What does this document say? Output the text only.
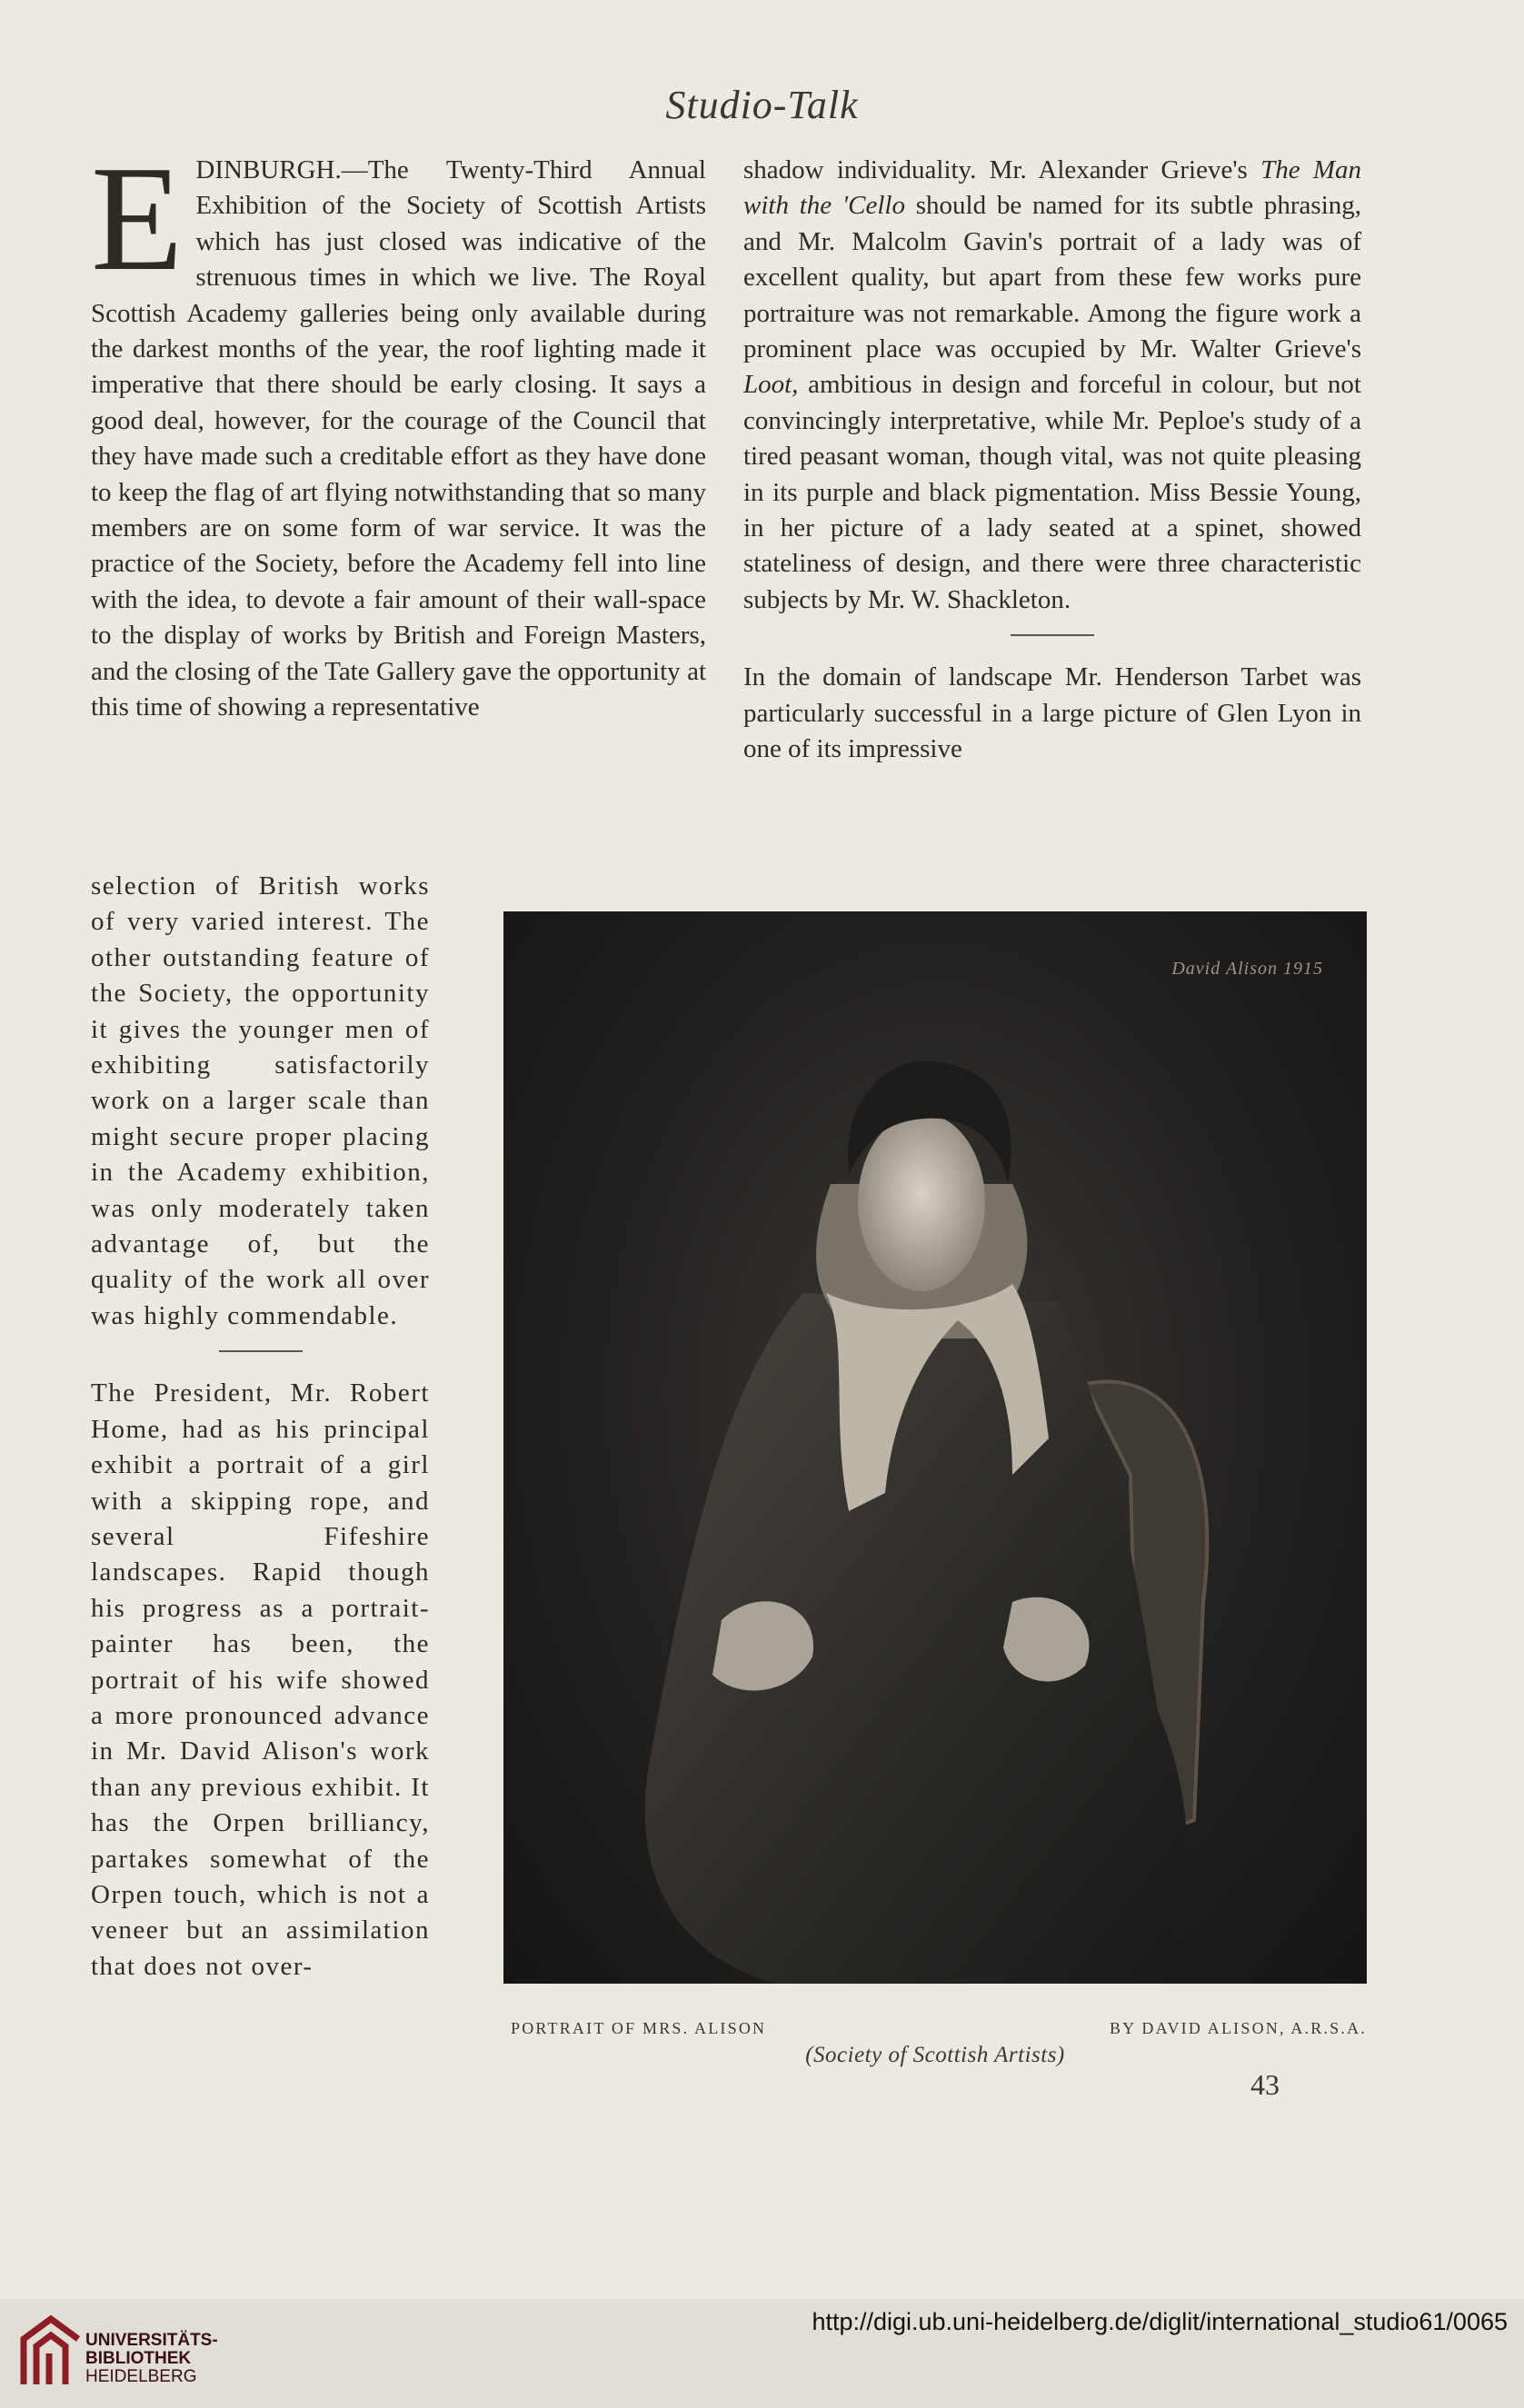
Studio-Talk

EDINBURGH.—The Twenty-Third Annual Exhibition of the Society of Scottish Artists which has just closed was indicative of the strenuous times in which we live. The Royal Scottish Academy galleries being only available during the darkest months of the year, the roof lighting made it imperative that there should be early closing. It says a good deal, however, for the courage of the Council that they have made such a creditable effort as they have done to keep the flag of art flying notwithstanding that so many members are on some form of war service. It was the practice of the Society, before the Academy fell into line with the idea, to devote a fair amount of their wall-space to the display of works by British and Foreign Masters, and the closing of the Tate Gallery gave the opportunity at this time of showing a representative

selection of British works of very varied interest. The other outstanding feature of the Society, the opportunity it gives the younger men of exhibiting satisfactorily work on a larger scale than might secure proper placing in the Academy exhibition, was only moderately taken advantage of, but the quality of the work all over was highly commendable.

The President, Mr. Robert Home, had as his principal exhibit a portrait of a girl with a skipping rope, and several Fifeshire landscapes. Rapid though his progress as a portrait-painter has been, the portrait of his wife showed a more pronounced advance in Mr. David Alison's work than any previous exhibit. It has the Orpen brilliancy, partakes somewhat of the Orpen touch, which is not a veneer but an assimilation that does not over-

shadow individuality. Mr. Alexander Grieve's The Man with the 'Cello should be named for its subtle phrasing, and Mr. Malcolm Gavin's portrait of a lady was of excellent quality, but apart from these few works pure portraiture was not remarkable. Among the figure work a prominent place was occupied by Mr. Walter Grieve's Loot, ambitious in design and forceful in colour, but not convincingly interpretative, while Mr. Peploe's study of a tired peasant woman, though vital, was not quite pleasing in its purple and black pigmentation. Miss Bessie Young, in her picture of a lady seated at a spinet, showed stateliness of design, and there were three characteristic subjects by Mr. W. Shackleton.

In the domain of landscape Mr. Henderson Tarbet was particularly successful in a large picture of Glen Lyon in one of its impressive

David Alison 1915
PORTRAIT OF MRS. ALISON	BY DAVID ALISON, A.R.S.A.
(Society of Scottish Artists)
43
UNIVERSITÄTS-
BIBLIOTHEK
HEIDELBERG
http://digi.ub.uni-heidelberg.de/diglit/international_studio61/0065
